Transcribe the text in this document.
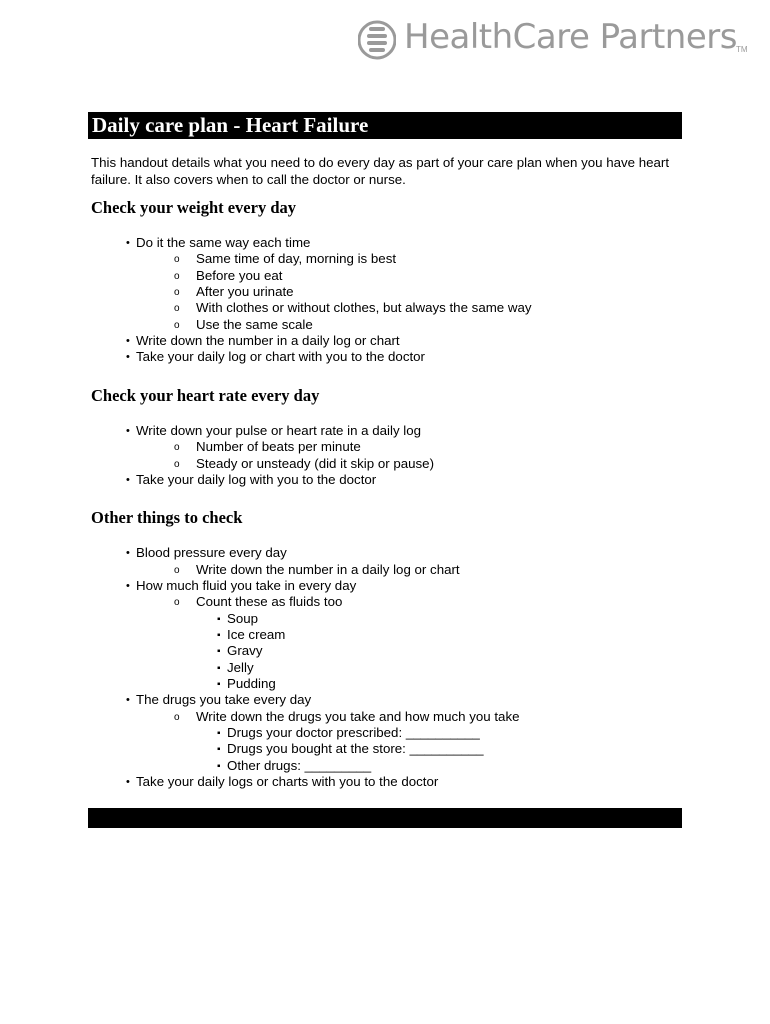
HealthCare Partners TM
Daily care plan - Heart Failure
This handout details what you need to do every day as part of your care plan when you have heart failure. It also covers when to call the doctor or nurse.
Check your weight every day
• Do it the same way each time
o Same time of day, morning is best
o Before you eat
o After you urinate
o With clothes or without clothes, but always the same way
o Use the same scale
• Write down the number in a daily log or chart
• Take your daily log or chart with you to the doctor
Check your heart rate every day
• Write down your pulse or heart rate in a daily log
o Number of beats per minute
o Steady or unsteady (did it skip or pause)
• Take your daily log with you to the doctor
Other things to check
• Blood pressure every day
o Write down the number in a daily log or chart
• How much fluid you take in every day
o Count these as fluids too
▪ Soup
▪ Ice cream
▪ Gravy
▪ Jelly
▪ Pudding
• The drugs you take every day
o Write down the drugs you take and how much you take
▪ Drugs your doctor prescribed: __________
▪ Drugs you bought at the store: __________
▪ Other drugs: _________
• Take your daily logs or charts with you to the doctor
